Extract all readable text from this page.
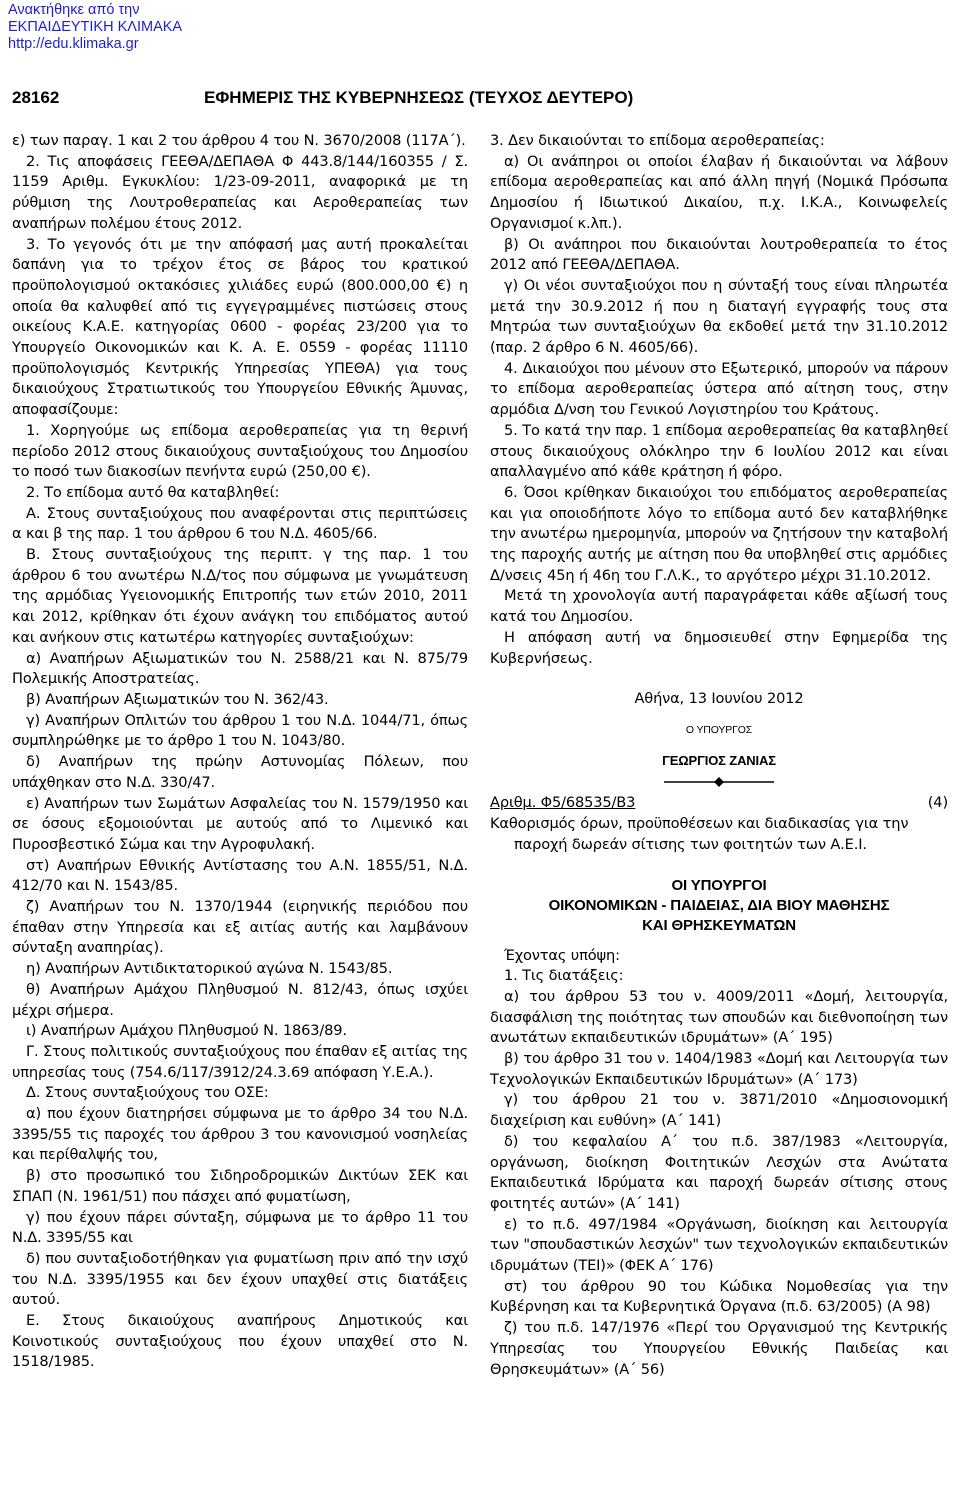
Ανακτήθηκε από την
ΕΚΠΑΙΔΕΥΤΙΚΗ ΚΛΙΜΑΚΑ
http://edu.klimaka.gr
28162	ΕΦΗΜΕΡΙΣ ΤΗΣ ΚΥΒΕΡΝΗΣΕΩΣ (ΤΕΥΧΟΣ ΔΕΥΤΕΡΟ)

ε) των παραγ. 1 και 2 του άρθρου 4 του Ν. 3670/2008 (117Α΄).

2. Τις αποφάσεις ΓΕΕΘΑ/ΔΕΠΑΘΑ Φ 443.8/144/160355 / Σ. 1159 Αριθμ. Εγκυκλίου: 1/23-09-2011, αναφορικά με τη ρύθμιση της Λουτροθεραπείας και Αεροθεραπείας των αναπήρων πολέμου έτους 2012.

3. Το γεγονός ότι με την απόφασή μας αυτή προκαλείται δαπάνη για το τρέχον έτος σε βάρος του κρατικού προϋπολογισμού οκτακόσιες χιλιάδες ευρώ (800.000,00 €) η οποία θα καλυφθεί από τις εγγεγραμμένες πιστώσεις στους οικείους Κ.Α.Ε. κατηγορίας 0600 - φορέας 23/200 για το Υπουργείο Οικονομικών και Κ. Α. Ε. 0559 - φορέας 11110 προϋπολογισμός Κεντρικής Υπηρεσίας ΥΠΕΘΑ) για τους δικαιούχους Στρατιωτικούς του Υπουργείου Εθνικής Άμυνας, αποφασίζουμε:

1. Χορηγούμε ως επίδομα αεροθεραπείας για τη θερινή περίοδο 2012 στους δικαιούχους συνταξιούχους του Δημοσίου το ποσό των διακοσίων πενήντα ευρώ (250,00 €).

2. Το επίδομα αυτό θα καταβληθεί:

Α. Στους συνταξιούχους που αναφέρονται στις περιπτώσεις α και β της παρ. 1 του άρθρου 6 του Ν.Δ. 4605/66.

Β. Στους συνταξιούχους της περιπτ. γ της παρ. 1 του άρθρου 6 του ανωτέρω Ν.Δ/τος που σύμφωνα με γνωμάτευση της αρμόδιας Υγειονομικής Επιτροπής των ετών 2010, 2011 και 2012, κρίθηκαν ότι έχουν ανάγκη του επιδόματος αυτού και ανήκουν στις κατωτέρω κατηγορίες συνταξιούχων:

α) Αναπήρων Αξιωματικών του Ν. 2588/21 και Ν. 875/79 Πολεμικής Αποστρατείας.

β) Αναπήρων Αξιωματικών του Ν. 362/43.

γ) Αναπήρων Οπλιτών του άρθρου 1 του Ν.Δ. 1044/71, όπως συμπληρώθηκε με το άρθρο 1 του Ν. 1043/80.

δ) Αναπήρων της πρώην Αστυνομίας Πόλεων, που υπάχθηκαν στο Ν.Δ. 330/47.

ε) Αναπήρων των Σωμάτων Ασφαλείας του Ν. 1579/1950 και σε όσους εξομοιούνται με αυτούς από το Λιμενικό και Πυροσβεστικό Σώμα και την Αγροφυλακή.

στ) Αναπήρων Εθνικής Αντίστασης του Α.Ν. 1855/51, Ν.Δ. 412/70 και Ν. 1543/85.

ζ) Αναπήρων του Ν. 1370/1944 (ειρηνικής περιόδου που έπαθαν στην Υπηρεσία και εξ αιτίας αυτής και λαμβάνουν σύνταξη αναπηρίας).

η) Αναπήρων Αντιδικτατορικού αγώνα Ν. 1543/85.

θ) Αναπήρων Αμάχου Πληθυσμού Ν. 812/43, όπως ισχύει μέχρι σήμερα.

ι) Αναπήρων Αμάχου Πληθυσμού Ν. 1863/89.

Γ. Στους πολιτικούς συνταξιούχους που έπαθαν εξ αιτίας της υπηρεσίας τους (754.6/117/3912/24.3.69 απόφαση Υ.Ε.Α.).

Δ. Στους συνταξιούχους του ΟΣΕ:

α) που έχουν διατηρήσει σύμφωνα με το άρθρο 34 του Ν.Δ. 3395/55 τις παροχές του άρθρου 3 του κανονισμού νοσηλείας και περίθαλψής του,

β) στο προσωπικό του Σιδηροδρομικών Δικτύων ΣΕΚ και ΣΠΑΠ (Ν. 1961/51) που πάσχει από φυματίωση,

γ) που έχουν πάρει σύνταξη, σύμφωνα με το άρθρο 11 του Ν.Δ. 3395/55 και

δ) που συνταξιοδοτήθηκαν για φυματίωση πριν από την ισχύ του Ν.Δ. 3395/1955 και δεν έχουν υπαχθεί στις διατάξεις αυτού.

Ε. Στους δικαιούχους αναπήρους Δημοτικούς και Κοινοτικούς συνταξιούχους που έχουν υπαχθεί στο Ν. 1518/1985.

3. Δεν δικαιούνται το επίδομα αεροθεραπείας:

α) Οι ανάπηροι οι οποίοι έλαβαν ή δικαιούνται να λάβουν επίδομα αεροθεραπείας και από άλλη πηγή (Νομικά Πρόσωπα Δημοσίου ή Ιδιωτικού Δικαίου, π.χ. Ι.Κ.Α., Κοινωφελείς Οργανισμοί κ.λπ.).

β) Οι ανάπηροι που δικαιούνται λουτροθεραπεία το έτος 2012 από ΓΕΕΘΑ/ΔΕΠΑΘΑ.

γ) Οι νέοι συνταξιούχοι που η σύνταξή τους είναι πληρωτέα μετά την 30.9.2012 ή που η διαταγή εγγραφής τους στα Μητρώα των συνταξιούχων θα εκδοθεί μετά την 31.10.2012 (παρ. 2 άρθρο 6 Ν. 4605/66).

4. Δικαιούχοι που μένουν στο Εξωτερικό, μπορούν να πάρουν το επίδομα αεροθεραπείας ύστερα από αίτηση τους, στην αρμόδια Δ/νση του Γενικού Λογιστηρίου του Κράτους.

5. Το κατά την παρ. 1 επίδομα αεροθεραπείας θα καταβληθεί στους δικαιούχους ολόκληρο την 6 Ιουλίου 2012 και είναι απαλλαγμένο από κάθε κράτηση ή φόρο.

6. Όσοι κρίθηκαν δικαιούχοι του επιδόματος αεροθεραπείας και για οποιοδήποτε λόγο το επίδομα αυτό δεν καταβλήθηκε την ανωτέρω ημερομηνία, μπορούν να ζητήσουν την καταβολή της παροχής αυτής με αίτηση που θα υποβληθεί στις αρμόδιες Δ/νσεις 45η ή 46η του Γ.Λ.Κ., το αργότερο μέχρι 31.10.2012.

Μετά τη χρονολογία αυτή παραγράφεται κάθε αξίωσή τους κατά του Δημοσίου.

Η απόφαση αυτή να δημοσιευθεί στην Εφημερίδα της Κυβερνήσεως.

Αθήνα, 13 Ιουνίου 2012

Ο ΥΠΟΥΡΓΟΣ
ΓΕΩΡΓΙΟΣ ΖΑΝΙΑΣ
Αριθμ. Φ5/68535/Β3	(4)

Καθορισμός όρων, προϋποθέσεων και διαδικασίας για την παροχή δωρεάν σίτισης των φοιτητών των Α.Ε.Ι.

ΟΙ ΥΠΟΥΡΓΟΙ
ΟΙΚΟΝΟΜΙΚΩΝ - ΠΑΙΔΕΙΑΣ, ΔΙΑ ΒΙΟΥ ΜΑΘΗΣΗΣ
ΚΑΙ ΘΡΗΣΚΕΥΜΑΤΩΝ

Έχοντας υπόψη:

1. Τις διατάξεις:

α) του άρθρου 53 του ν. 4009/2011 «Δομή, λειτουργία, διασφάλιση της ποιότητας των σπουδών και διεθνοποίηση των ανωτάτων εκπαιδευτικών ιδρυμάτων» (Α΄ 195)

β) του άρθρο 31 του ν. 1404/1983 «Δομή και Λειτουργία των Τεχνολογικών Εκπαιδευτικών Ιδρυμάτων» (Α΄ 173)

γ) του άρθρου 21 του ν. 3871/2010 «Δημοσιονομική διαχείριση και ευθύνη» (Α΄ 141)

δ) του κεφαλαίου Α΄ του π.δ. 387/1983 «Λειτουργία, οργάνωση, διοίκηση Φοιτητικών Λεσχών στα Ανώτατα Εκπαιδευτικά Ιδρύματα και παροχή δωρεάν σίτισης στους φοιτητές αυτών» (Α΄ 141)

ε) το π.δ. 497/1984 «Οργάνωση, διοίκηση και λειτουργία των "σπουδαστικών λεσχών" των τεχνολογικών εκπαιδευτικών ιδρυμάτων (ΤΕΙ)» (ΦΕΚ Α΄ 176)

στ) του άρθρου 90 του Κώδικα Νομοθεσίας για την Κυβέρνηση και τα Κυβερνητικά Όργανα (π.δ. 63/2005) (Α 98)

ζ) του π.δ. 147/1976 «Περί του Οργανισμού της Κεντρικής Υπηρεσίας του Υπουργείου Εθνικής Παιδείας και Θρησκευμάτων» (Α΄ 56)
